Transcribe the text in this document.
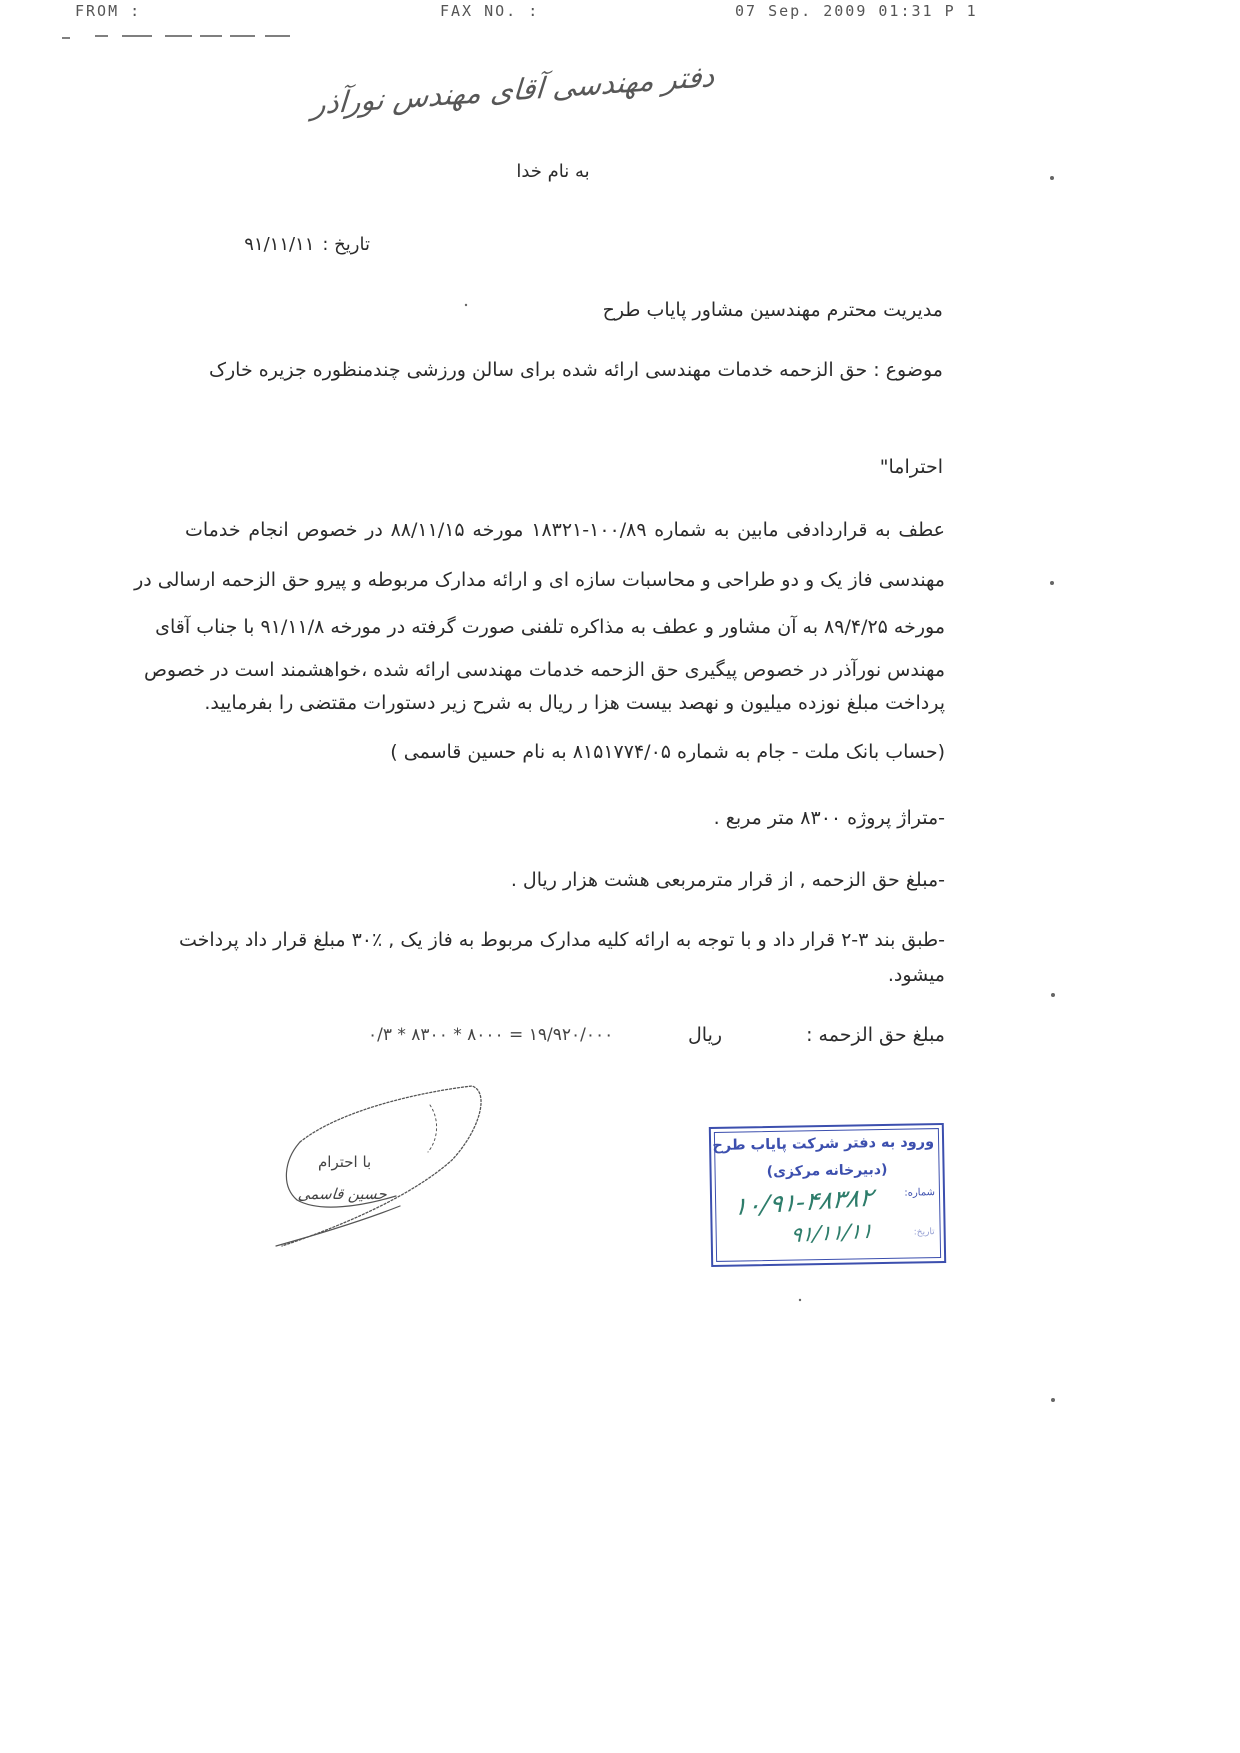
FROM :	FAX NO. :	07 Sep. 2009 01:31 P 1
دفتر مهندسی آقای مهندس نورآذر
به نام خدا
تاریخ :۹۱/۱۱/۱۱
مدیریت محترم مهندسین مشاور پایاب طرح
موضوع : حق الزحمه خدمات مهندسی ارائه شده برای سالن ورزشی چندمنظوره جزیره خارک
احتراما"
عطف به قراردادفی مابین به شماره ۱۰۰/۸۹-۱۸۳۲۱ مورخه ۸۸/۱۱/۱۵ در خصوص انجام خدمات
مهندسی فاز یک و دو طراحی و محاسبات سازه ای و ارائه مدارک مربوطه و پیرو حق الزحمه ارسالی در
مورخه ۸۹/۴/۲۵ به آن مشاور و عطف به مذاکره تلفنی صورت گرفته در مورخه ۹۱/۱۱/۸ با جناب آقای
مهندس نورآذر در خصوص پیگیری حق الزحمه خدمات مهندسی ارائه شده ،خواهشمند است در خصوص
پرداخت مبلغ نوزده میلیون و نهصد بیست هزا ر ریال به شرح زیر دستورات مقتضی را بفرمایید.
(حساب بانک ملت - جام به شماره ۸۱۵۱۷۷۴/۰۵ به نام حسین قاسمی )
-متراژ پروژه ۸۳۰۰ متر مربع .
-مبلغ حق الزحمه , از قرار مترمربعی هشت هزار ریال .
-طبق بند ۳-۲ قرار داد و با توجه به ارائه کلیه مدارک مربوط به فاز یک , ٪۳۰ مبلغ قرار داد پرداخت
میشود.
مبلغ حق الزحمه :
ریال
۰/۳ * ۸۳۰۰ * ۸۰۰۰ = ۱۹/۹۲۰/۰۰۰
با احترام
حسین قاسمی
ورود به دفتر شرکت پایاب طرح
(دبیرخانه مرکزی)
شماره:
۱۰/۹۱-۴۸۳۸۲
۹۱/۱۱/۱۱	تاریخ:
